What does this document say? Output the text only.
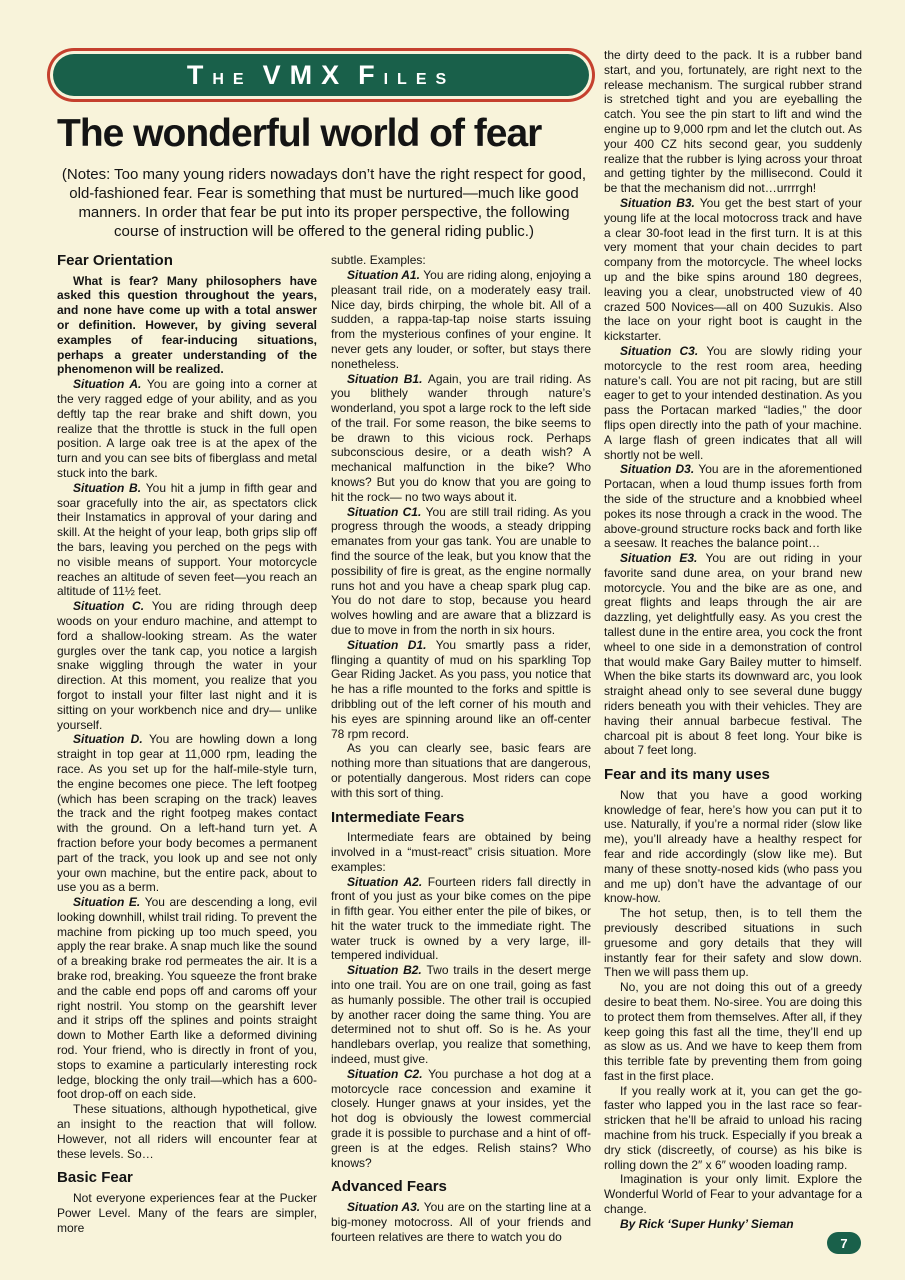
T HE VMX F ILES
The wonderful world of fear

(Notes: Too many young riders nowadays don’t have the right respect for good, old-fashioned fear. Fear is something that must be nurtured—much like good manners. In order that fear be put into its proper perspective, the following course of instruction will be offered to the general riding public.)

Fear Orientation

What is fear? Many philosophers have asked this question throughout the years, and none have come up with a total answer or definition. However, by giving several examples of fear-inducing situations, perhaps a greater understanding of the phenomenon will be realized.

Situation A. You are going into a corner at the very ragged edge of your ability, and as you deftly tap the rear brake and shift down, you realize that the throttle is stuck in the full open position. A large oak tree is at the apex of the turn and you can see bits of fiberglass and metal stuck into the bark.

Situation B. You hit a jump in fifth gear and soar gracefully into the air, as spectators click their Instamatics in approval of your daring and skill. At the height of your leap, both grips slip off the bars, leaving you perched on the pegs with no visible means of support. Your motorcycle reaches an altitude of seven feet—you reach an altitude of 11½ feet.

Situation C. You are riding through deep woods on your enduro machine, and attempt to ford a shallow-looking stream. As the water gurgles over the tank cap, you notice a largish snake wiggling through the water in your direction. At this moment, you realize that you forgot to install your filter last night and it is sitting on your workbench nice and dry— unlike yourself.

Situation D. You are howling down a long straight in top gear at 11,000 rpm, leading the race. As you set up for the half-mile-style turn, the engine becomes one piece. The left footpeg (which has been scraping on the track) leaves the track and the right footpeg makes contact with the ground. On a left-hand turn yet. A fraction before your body becomes a permanent part of the track, you look up and see not only your own machine, but the entire pack, about to use you as a berm.

Situation E. You are descending a long, evil looking downhill, whilst trail riding. To prevent the machine from picking up too much speed, you apply the rear brake. A snap much like the sound of a breaking brake rod permeates the air. It is a brake rod, breaking. You squeeze the front brake and the cable end pops off and caroms off your right nostril. You stomp on the gearshift lever and it strips off the splines and points straight down to Mother Earth like a deformed divining rod. Your friend, who is directly in front of you, stops to examine a particularly interesting rock ledge, blocking the only trail—which has a 600-foot drop-off on each side.

These situations, although hypothetical, give an insight to the reaction that will follow. However, not all riders will encounter fear at these levels. So…

Basic Fear

Not everyone experiences fear at the Pucker Power Level. Many of the fears are simpler, more

subtle. Examples:

Situation A1. You are riding along, enjoying a pleasant trail ride, on a moderately easy trail. Nice day, birds chirping, the whole bit. All of a sudden, a rappa-tap-tap noise starts issuing from the mysterious confines of your engine. It never gets any louder, or softer, but stays there nonetheless.

Situation B1. Again, you are trail riding. As you blithely wander through nature’s wonderland, you spot a large rock to the left side of the trail. For some reason, the bike seems to be drawn to this vicious rock. Perhaps subconscious desire, or a death wish? A mechanical malfunction in the bike? Who knows? But you do know that you are going to hit the rock— no two ways about it.

Situation C1. You are still trail riding. As you progress through the woods, a steady dripping emanates from your gas tank. You are unable to find the source of the leak, but you know that the possibility of fire is great, as the engine normally runs hot and you have a cheap spark plug cap. You do not dare to stop, because you heard wolves howling and are aware that a blizzard is due to move in from the north in six hours.

Situation D1. You smartly pass a rider, flinging a quantity of mud on his sparkling Top Gear Riding Jacket. As you pass, you notice that he has a rifle mounted to the forks and spittle is dribbling out of the left corner of his mouth and his eyes are spinning around like an off-center 78 rpm record.

As you can clearly see, basic fears are nothing more than situations that are dangerous, or potentially dangerous. Most riders can cope with this sort of thing.

Intermediate Fears

Intermediate fears are obtained by being involved in a “must-react” crisis situation. More examples:

Situation A2. Fourteen riders fall directly in front of you just as your bike comes on the pipe in fifth gear. You either enter the pile of bikes, or hit the water truck to the immediate right. The water truck is owned by a very large, ill-tempered individual.

Situation B2. Two trails in the desert merge into one trail. You are on one trail, going as fast as humanly possible. The other trail is occupied by another racer doing the same thing. You are determined not to shut off. So is he. As your handlebars overlap, you realize that something, indeed, must give.

Situation C2. You purchase a hot dog at a motorcycle race concession and examine it closely. Hunger gnaws at your insides, yet the hot dog is obviously the lowest commercial grade it is possible to purchase and a hint of off-green is at the edges. Relish stains? Who knows?

Advanced Fears

Situation A3. You are on the starting line at a big-money motocross. All of your friends and fourteen relatives are there to watch you do

the dirty deed to the pack. It is a rubber band start, and you, fortunately, are right next to the release mechanism. The surgical rubber strand is stretched tight and you are eyeballing the catch. You see the pin start to lift and wind the engine up to 9,000 rpm and let the clutch out. As your 400 CZ hits second gear, you suddenly realize that the rubber is lying across your throat and getting tighter by the millisecond. Could it be that the mechanism did not…urrrrgh!

Situation B3. You get the best start of your young life at the local motocross track and have a clear 30-foot lead in the first turn. It is at this very moment that your chain decides to part company from the motorcycle. The wheel locks up and the bike spins around 180 degrees, leaving you a clear, unobstructed view of 40 crazed 500 Novices—all on 400 Suzukis. Also the lace on your right boot is caught in the kickstarter.

Situation C3. You are slowly riding your motorcycle to the rest room area, heeding nature’s call. You are not pit racing, but are still eager to get to your intended destination. As you pass the Portacan marked “ladies,” the door flips open directly into the path of your machine. A large flash of green indicates that all will shortly not be well.

Situation D3. You are in the aforementioned Portacan, when a loud thump issues forth from the side of the structure and a knobbied wheel pokes its nose through a crack in the wood. The above-ground structure rocks back and forth like a seesaw. It reaches the balance point…

Situation E3. You are out riding in your favorite sand dune area, on your brand new motorcycle. You and the bike are as one, and great flights and leaps through the air are dazzling, yet delightfully easy. As you crest the tallest dune in the entire area, you cock the front wheel to one side in a demonstration of control that would make Gary Bailey mutter to himself. When the bike starts its downward arc, you look straight ahead only to see several dune buggy riders beneath you with their vehicles. They are having their annual barbecue festival. The charcoal pit is about 8 feet long. Your bike is about 7 feet long.

Fear and its many uses

Now that you have a good working knowledge of fear, here’s how you can put it to use. Naturally, if you’re a normal rider (slow like me), you’ll already have a healthy respect for fear and ride accordingly (slow like me). But many of these snotty-nosed kids (who pass you and me up) don’t have the advantage of our know-how.

The hot setup, then, is to tell them the previously described situations in such gruesome and gory details that they will instantly fear for their safety and slow down. Then we will pass them up.

No, you are not doing this out of a greedy desire to beat them. No-siree. You are doing this to protect them from themselves. After all, if they keep going this fast all the time, they’ll end up as slow as us. And we have to keep them from this terrible fate by preventing them from going fast in the first place.

If you really work at it, you can get the go-faster who lapped you in the last race so fear-stricken that he’ll be afraid to unload his racing machine from his truck. Especially if you break a dry stick (discreetly, of course) as his bike is rolling down the 2″ x 6″ wooden loading ramp.

Imagination is your only limit. Explore the Wonderful World of Fear to your advantage for a change.

By Rick ‘Super Hunky’ Sieman

7
